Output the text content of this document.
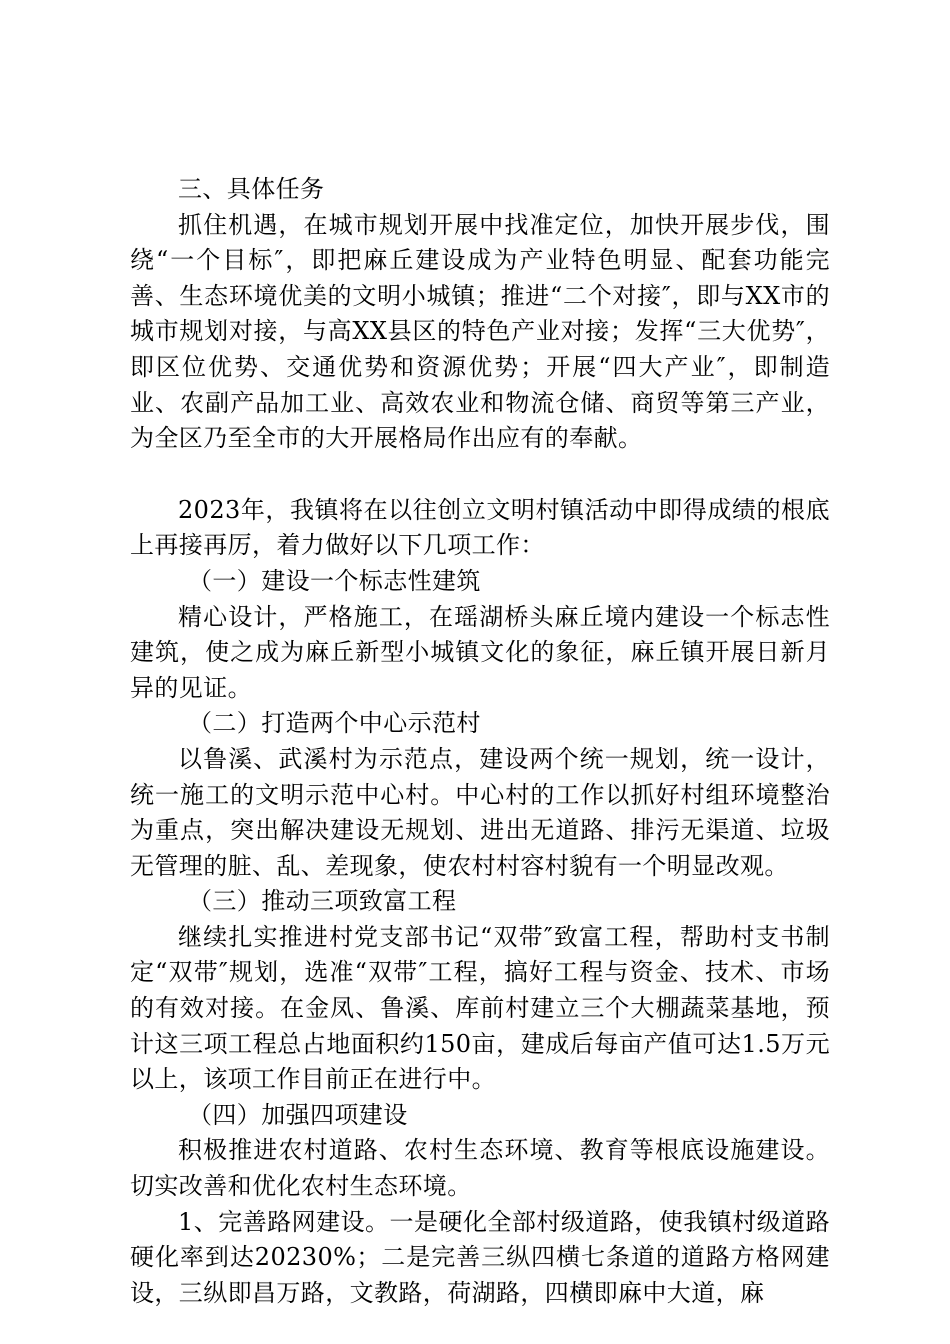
三、具体任务

抓住机遇，在城市规划开展中找准定位，加快开展步伐，围绕“一个目标″，即把麻丘建设成为产业特色明显、配套功能完善、生态环境优美的文明小城镇；推进“二个对接″，即与XX市的城市规划对接，与高XX县区的特色产业对接；发挥“三大优势″，即区位优势、交通优势和资源优势；开展“四大产业″，即制造业、农副产品加工业、高效农业和物流仓储、商贸等第三产业，为全区乃至全市的大开展格局作出应有的奉献。

2023年，我镇将在以往创立文明村镇活动中即得成绩的根底上再接再厉，着力做好以下几项工作：

（一）建设一个标志性建筑

精心设计，严格施工，在瑶湖桥头麻丘境内建设一个标志性建筑，使之成为麻丘新型小城镇文化的象征，麻丘镇开展日新月异的见证。

（二）打造两个中心示范村

以鲁溪、武溪村为示范点，建设两个统一规划，统一设计，统一施工的文明示范中心村。中心村的工作以抓好村组环境整治为重点，突出解决建设无规划、进出无道路、排污无渠道、垃圾无管理的脏、乱、差现象，使农村村容村貌有一个明显改观。

（三）推动三项致富工程

继续扎实推进村党支部书记“双带″致富工程，帮助村支书制定“双带″规划，选准“双带″工程，搞好工程与资金、技术、市场的有效对接。在金凤、鲁溪、库前村建立三个大棚蔬菜基地，预计这三项工程总占地面积约150亩，建成后每亩产值可达1.5万元以上，该项工作目前正在进行中。

（四）加强四项建设

积极推进农村道路、农村生态环境、教育等根底设施建设。切实改善和优化农村生态环境。

1、完善路网建设。一是硬化全部村级道路，使我镇村级道路硬化率到达20230%；二是完善三纵四横七条道的道路方格网建设，三纵即昌万路，文教路，荷湖路，四横即麻中大道，麻
